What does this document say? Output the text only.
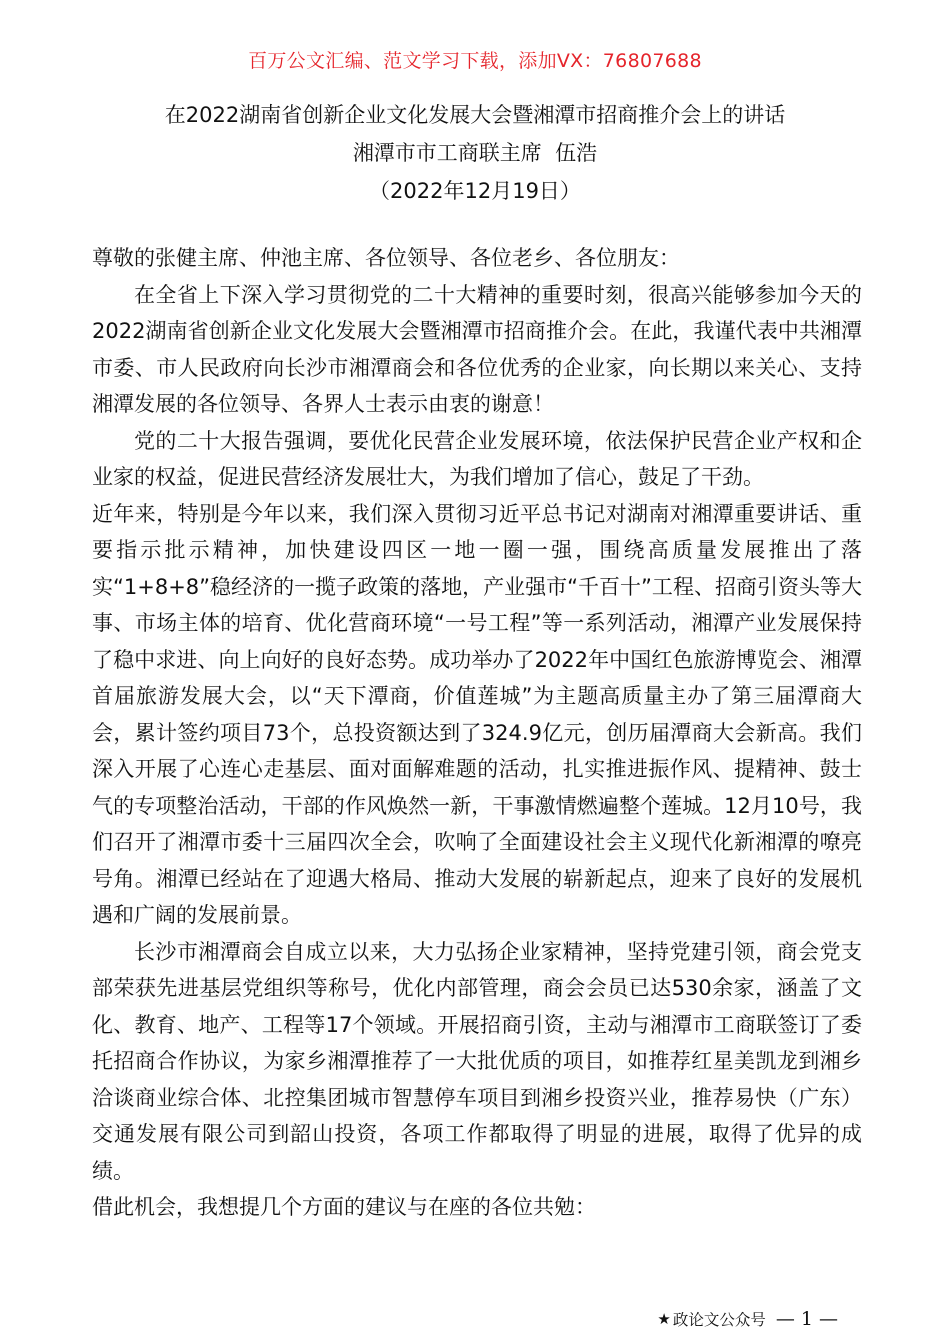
百万公文汇编、范文学习下载，添加VX：76807688
在2022湖南省创新企业文化发展大会暨湘潭市招商推介会上的讲话
湘潭市市工商联主席  伍浩
（2022年12月19日）

尊敬的张健主席、仲池主席、各位领导、各位老乡、各位朋友：

在全省上下深入学习贯彻党的二十大精神的重要时刻，很高兴能够参加今天的2022湖南省创新企业文化发展大会暨湘潭市招商推介会。在此，我谨代表中共湘潭市委、市人民政府向长沙市湘潭商会和各位优秀的企业家，向长期以来关心、支持湘潭发展的各位领导、各界人士表示由衷的谢意！

党的二十大报告强调，要优化民营企业发展环境，依法保护民营企业产权和企业家的权益，促进民营经济发展壮大，为我们增加了信心，鼓足了干劲。

近年来，特别是今年以来，我们深入贯彻习近平总书记对湖南对湘潭重要讲话、重要指示批示精神，加快建设四区一地一圈一强，围绕高质量发展推出了落实“1+8+8”稳经济的一揽子政策的落地，产业强市“千百十”工程、招商引资头等大事、市场主体的培育、优化营商环境“一号工程”等一系列活动，湘潭产业发展保持了稳中求进、向上向好的良好态势。成功举办了2022年中国红色旅游博览会、湘潭首届旅游发展大会，以“天下潭商，价值莲城”为主题高质量主办了第三届潭商大会，累计签约项目73个，总投资额达到了324.9亿元，创历届潭商大会新高。我们深入开展了心连心走基层、面对面解难题的活动，扎实推进振作风、提精神、鼓士气的专项整治活动，干部的作风焕然一新，干事激情燃遍整个莲城。12月10号，我们召开了湘潭市委十三届四次全会，吹响了全面建设社会主义现代化新湘潭的嘹亮号角。湘潭已经站在了迎遇大格局、推动大发展的崭新起点，迎来了良好的发展机遇和广阔的发展前景。

长沙市湘潭商会自成立以来，大力弘扬企业家精神，坚持党建引领，商会党支部荣获先进基层党组织等称号，优化内部管理，商会会员已达530余家，涵盖了文化、教育、地产、工程等17个领域。开展招商引资，主动与湘潭市工商联签订了委托招商合作协议，为家乡湘潭推荐了一大批优质的项目，如推荐红星美凯龙到湘乡洽谈商业综合体、北控集团城市智慧停车项目到湘乡投资兴业，推荐易快（广东）交通发展有限公司到韶山投资，各项工作都取得了明显的进展，取得了优异的成绩。

借此机会，我想提几个方面的建议与在座的各位共勉：

★ 政论文公众号 — 1 —
